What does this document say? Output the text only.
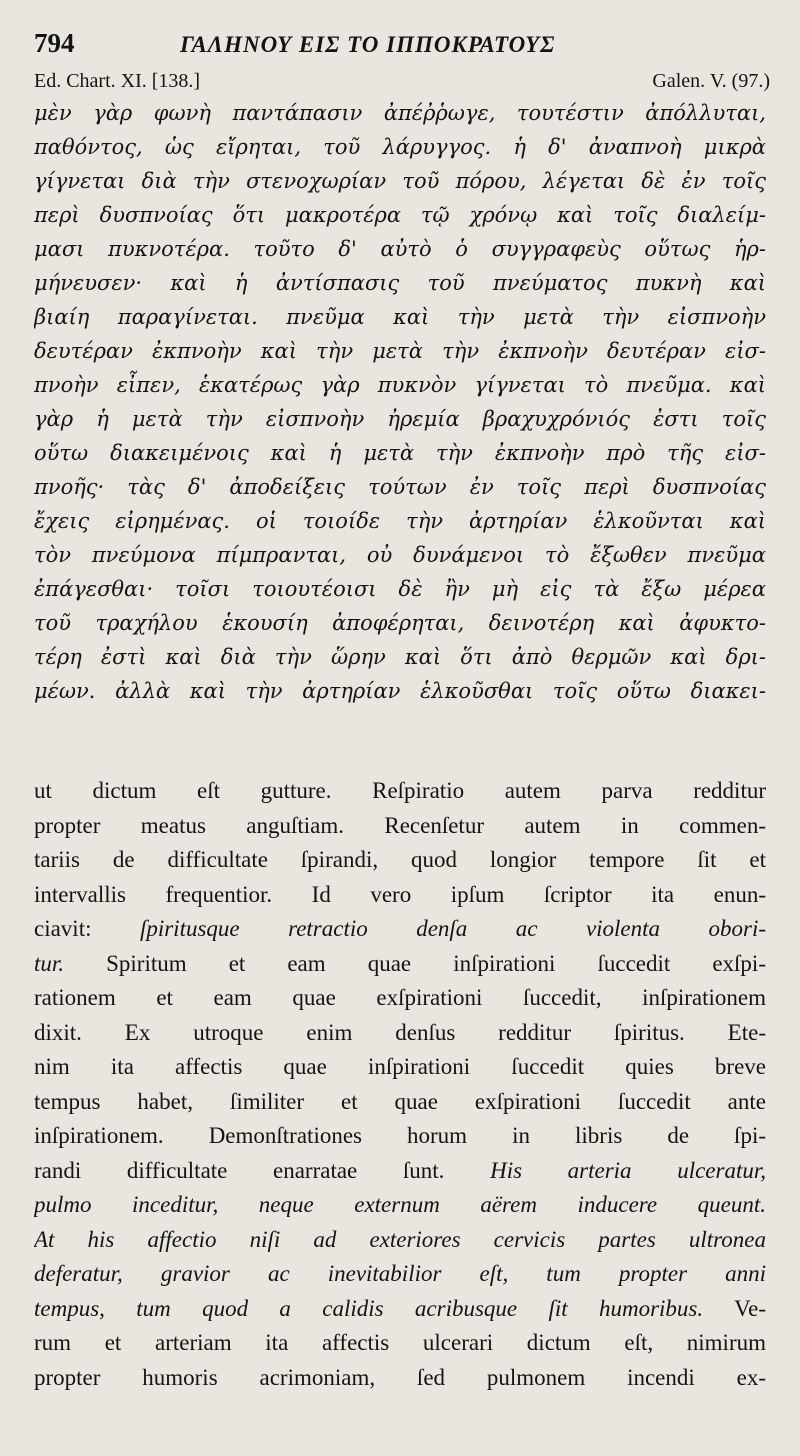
794	ΓΑΛΗΝΟΥ ΕΙΣ ΤΟ ΙΠΠΟΚΡΑΤΟΥΣ
Ed. Chart. XI. [138.]	Galen. V. (97.)
μὲν γὰρ φωνὴ παντάπασιν ἀπέῤῥωγε, τουτέστιν ἀπόλλυται,
παθόντος, ὡς εἴρηται, τοῦ λάρυγγος. ἡ δ' ἀναπνοὴ μικρὰ
γίγνεται διὰ τὴν στενοχωρίαν τοῦ πόρου, λέγεται δὲ ἐν τοῖς
περὶ δυσπνοίας ὅτι μακροτέρα τῷ χρόνῳ καὶ τοῖς διαλείμ-
μασι πυκνοτέρα. τοῦτο δ' αὐτὸ ὁ συγγραφεὺς οὕτως ἡρ-
μήνευσεν· καὶ ἡ ἀντίσπασις τοῦ πνεύματος πυκνὴ καὶ
βιαίη παραγίνεται. πνεῦμα καὶ τὴν μετὰ τὴν εἰσπνοὴν
δευτέραν ἐκπνοὴν καὶ τὴν μετὰ τὴν ἐκπνοὴν δευτέραν εἰσ-
πνοὴν εἶπεν, ἑκατέρως γὰρ πυκνὸν γίγνεται τὸ πνεῦμα. καὶ
γὰρ ἡ μετὰ τὴν εἰσπνοὴν ἠρεμία βραχυχρόνιός ἐστι τοῖς
οὕτω διακειμένοις καὶ ἡ μετὰ τὴν ἐκπνοὴν πρὸ τῆς εἰσ-
πνοῆς· τὰς δ' ἀποδείξεις τούτων ἐν τοῖς περὶ δυσπνοίας
ἔχεις εἰρημένας. οἱ τοιοίδε τὴν ἀρτηρίαν ἑλκοῦνται καὶ
τὸν πνεύμονα πίμπρανται, οὐ δυνάμενοι τὸ ἔξωθεν πνεῦμα
ἐπάγεσθαι· τοῖσι τοιουτέοισι δὲ ἢν μὴ εἰς τὰ ἔξω μέρεα
τοῦ τραχήλου ἑκουσίη ἀποφέρηται, δεινοτέρη καὶ ἀφυκτο-
τέρη ἐστὶ καὶ διὰ τὴν ὥρην καὶ ὅτι ἀπὸ θερμῶν καὶ δρι-
μέων. ἀλλὰ καὶ τὴν ἀρτηρίαν ἑλκοῦσθαι τοῖς οὕτω διακει-
ut dictum eſt gutture. Reſpiratio autem parva redditur
propter meatus anguſtiam. Recenſetur autem in commen-
tariis de difficultate ſpirandi, quod longior tempore ſit et
intervallis frequentior. Id vero ipſum ſcriptor ita enun-
ciavit: ſpiritusque retractio denſa ac violenta obori-
tur. Spiritum et eam quae inſpirationi ſuccedit exſpi-
rationem et eam quae exſpirationi ſuccedit, inſpirationem
dixit. Ex utroque enim denſus redditur ſpiritus. Ete-
nim ita affectis quae inſpirationi ſuccedit quies breve
tempus habet, ſimiliter et quae exſpirationi ſuccedit ante
inſpirationem. Demonſtrationes horum in libris de ſpi-
randi difficultate enarratae ſunt. His arteria ulceratur,
pulmo inceditur, neque externum aërem inducere queunt.
At his affectio niſi ad exteriores cervicis partes ultronea
deferatur, gravior ac inevitabilior eſt, tum propter anni
tempus, tum quod a calidis acribusque ſit humoribus. Ve-
rum et arteriam ita affectis ulcerari dictum eſt, nimirum
propter humoris acrimoniam, ſed pulmonem incendi ex-
